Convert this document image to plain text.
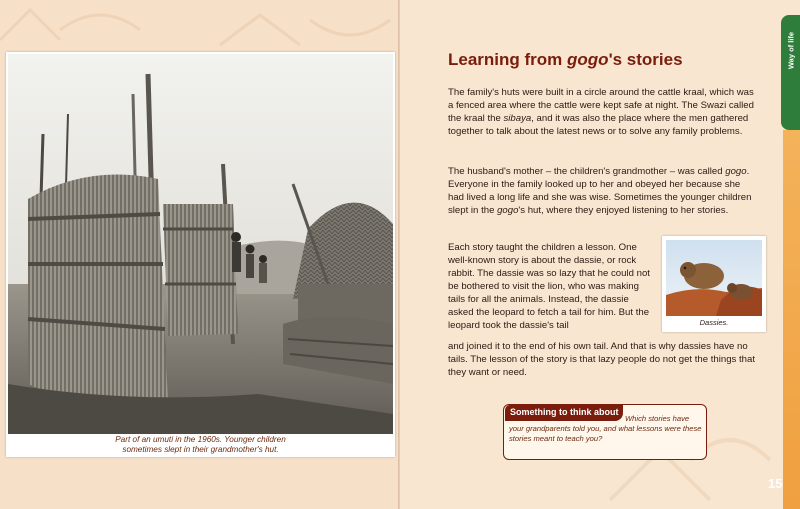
Part of an umuti in the 1960s. Younger children
sometimes slept in their grandmother's hut.
Learning from gogo's stories

The family's huts were built in a circle around the cattle kraal, which was a fenced area where the cattle were kept safe at night. The Swazi called the kraal the sibaya, and it was also the place where the men gathered together to talk about the latest news or to solve any family problems.

The husband's mother – the children's grandmother – was called gogo. Everyone in the family looked up to her and obeyed her because she had lived a long life and she was wise. Sometimes the younger children slept in the gogo's hut, where they enjoyed listening to her stories.

Each story taught the children a lesson. One well-known story is about the dassie, or rock rabbit. The dassie was so lazy that he could not be bothered to visit the lion, who was making tails for all the animals. Instead, the dassie asked the leopard to fetch a tail for him. But the leopard took the dassie's tail

and joined it to the end of his own tail. And that is why dassies have no tails. The lesson of the story is that lazy people do not get the things that they want or need.

Dassies.
Something to think about
Which stories have your grandparents told you, and what lessons were these stories meant to teach you?
Way of life
15
